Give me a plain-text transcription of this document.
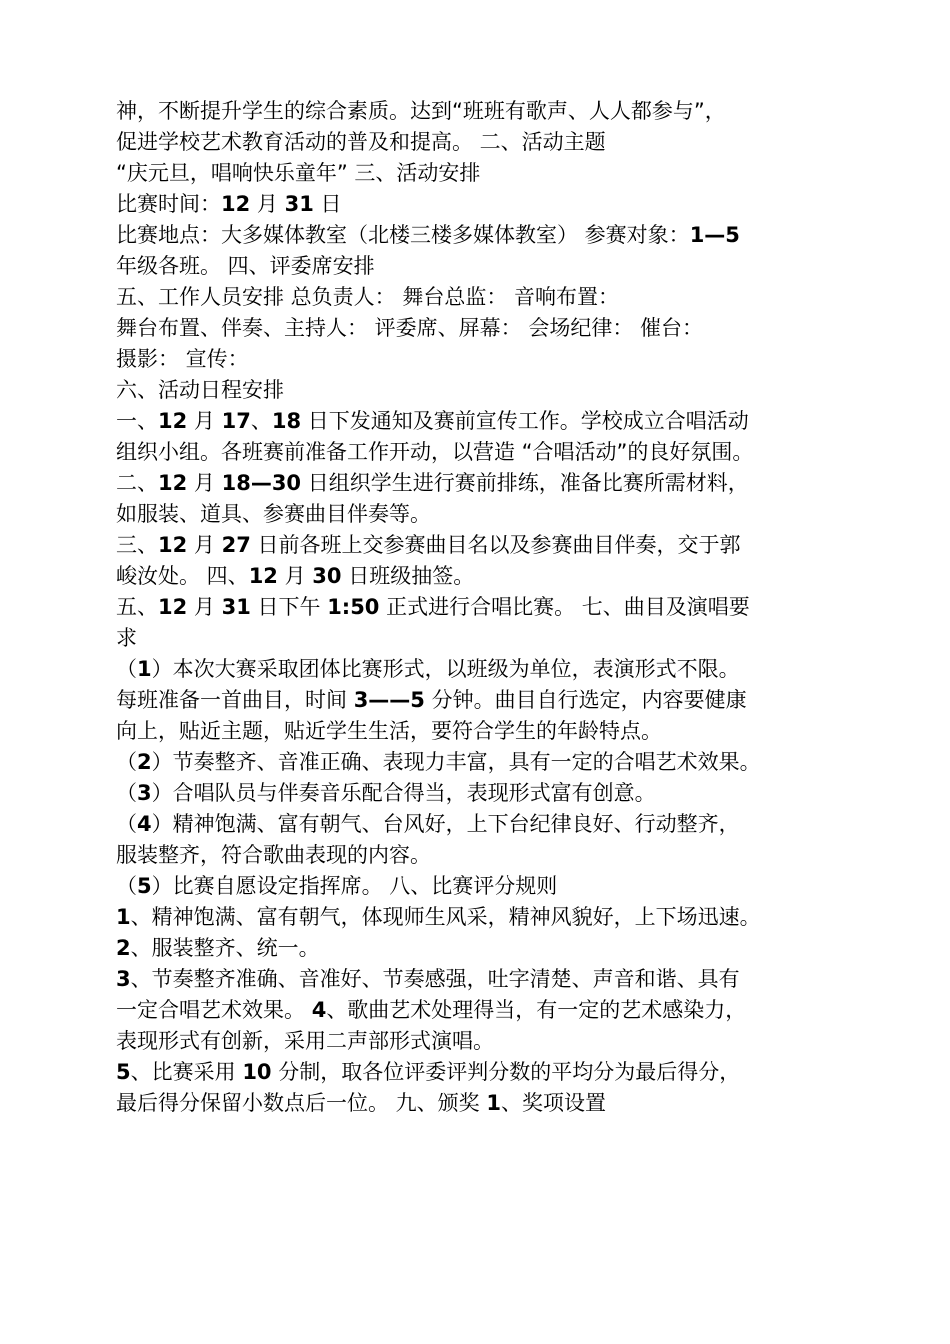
神，不断提升学生的综合素质。达到“班班有歌声、人人都参与”，
促进学校艺术教育活动的普及和提高。 二、活动主题
“庆元旦，唱响快乐童年” 三、活动安排
比赛时间：12 月 31 日
比赛地点：大多媒体教室（北楼三楼多媒体教室） 参赛对象：1—5
年级各班。 四、评委席安排
五、工作人员安排 总负责人： 舞台总监： 音响布置：
舞台布置、伴奏、主持人： 评委席、屏幕： 会场纪律： 催台：
摄影： 宣传：
六、活动日程安排
一、12 月 17、18 日下发通知及赛前宣传工作。学校成立合唱活动
组织小组。各班赛前准备工作开动，以营造 “合唱活动”的良好氛围。
二、12 月 18—30 日组织学生进行赛前排练，准备比赛所需材料，
如服装、道具、参赛曲目伴奏等。
三、12 月 27 日前各班上交参赛曲目名以及参赛曲目伴奏，交于郭
峻汝处。 四、12 月 30 日班级抽签。
五、12 月 31 日下午 1:50 正式进行合唱比赛。 七、曲目及演唱要
求
（1）本次大赛采取团体比赛形式，以班级为单位，表演形式不限。
每班准备一首曲目，时间 3——5 分钟。曲目自行选定，内容要健康
向上，贴近主题，贴近学生生活，要符合学生的年龄特点。
（2）节奏整齐、音准正确、表现力丰富，具有一定的合唱艺术效果。
（3）合唱队员与伴奏音乐配合得当，表现形式富有创意。
（4）精神饱满、富有朝气、台风好，上下台纪律良好、行动整齐，
服装整齐，符合歌曲表现的内容。
（5）比赛自愿设定指挥席。 八、比赛评分规则
1、精神饱满、富有朝气，体现师生风采，精神风貌好，上下场迅速。
2、服装整齐、统一。
3、节奏整齐准确、音准好、节奏感强，吐字清楚、声音和谐、具有
一定合唱艺术效果。 4、歌曲艺术处理得当，有一定的艺术感染力，
表现形式有创新，采用二声部形式演唱。
5、比赛采用 10 分制，取各位评委评判分数的平均分为最后得分，
最后得分保留小数点后一位。 九、颁奖 1、奖项设置
